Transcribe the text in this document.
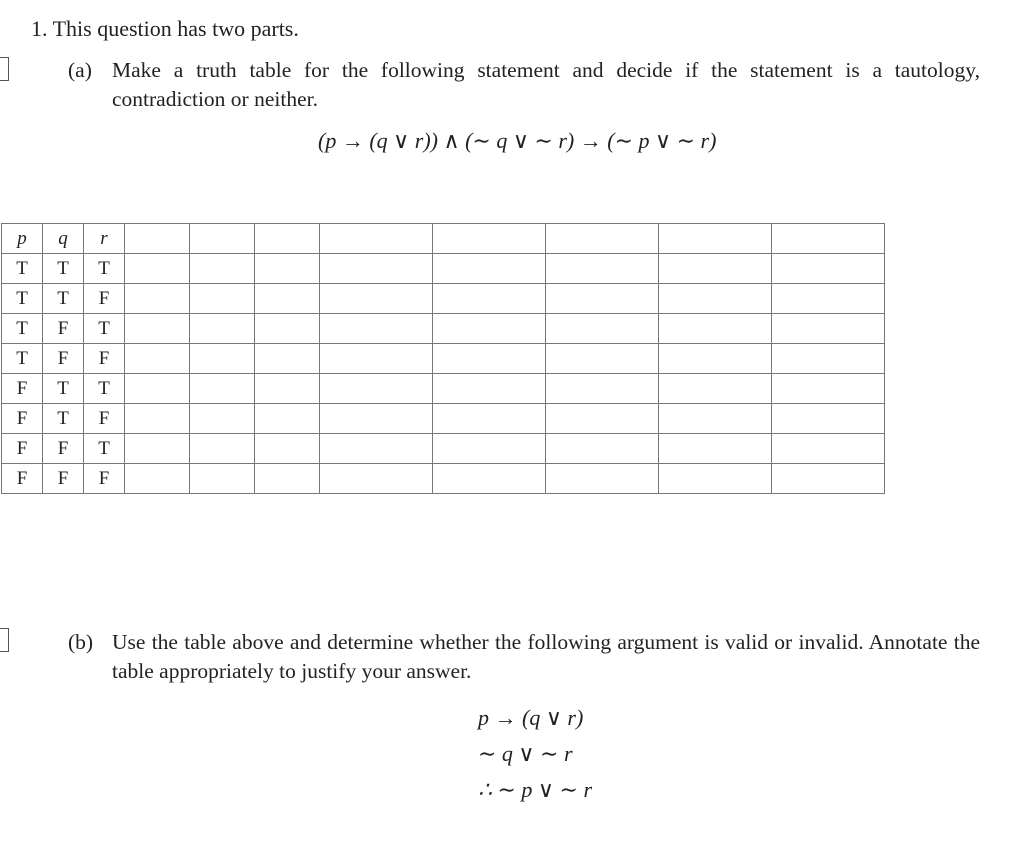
1. This question has two parts.
(a) Make a truth table for the following statement and decide if the statement is a tautology, contradiction or neither.
(p → (q ∨ r)) ∧ (∼ q ∨ ∼ r) → (∼ p ∨ ∼ r)
p	q	r								
T	T	T								
T	T	F								
T	F	T								
T	F	F								
F	T	T								
F	T	F								
F	F	T								
F	F	F								
(b) Use the table above and determine whether the following argument is valid or invalid. Annotate the table appropriately to justify your answer.
p → (q ∨ r)
∼ q ∨ ∼ r
∴ ∼ p ∨ ∼ r
